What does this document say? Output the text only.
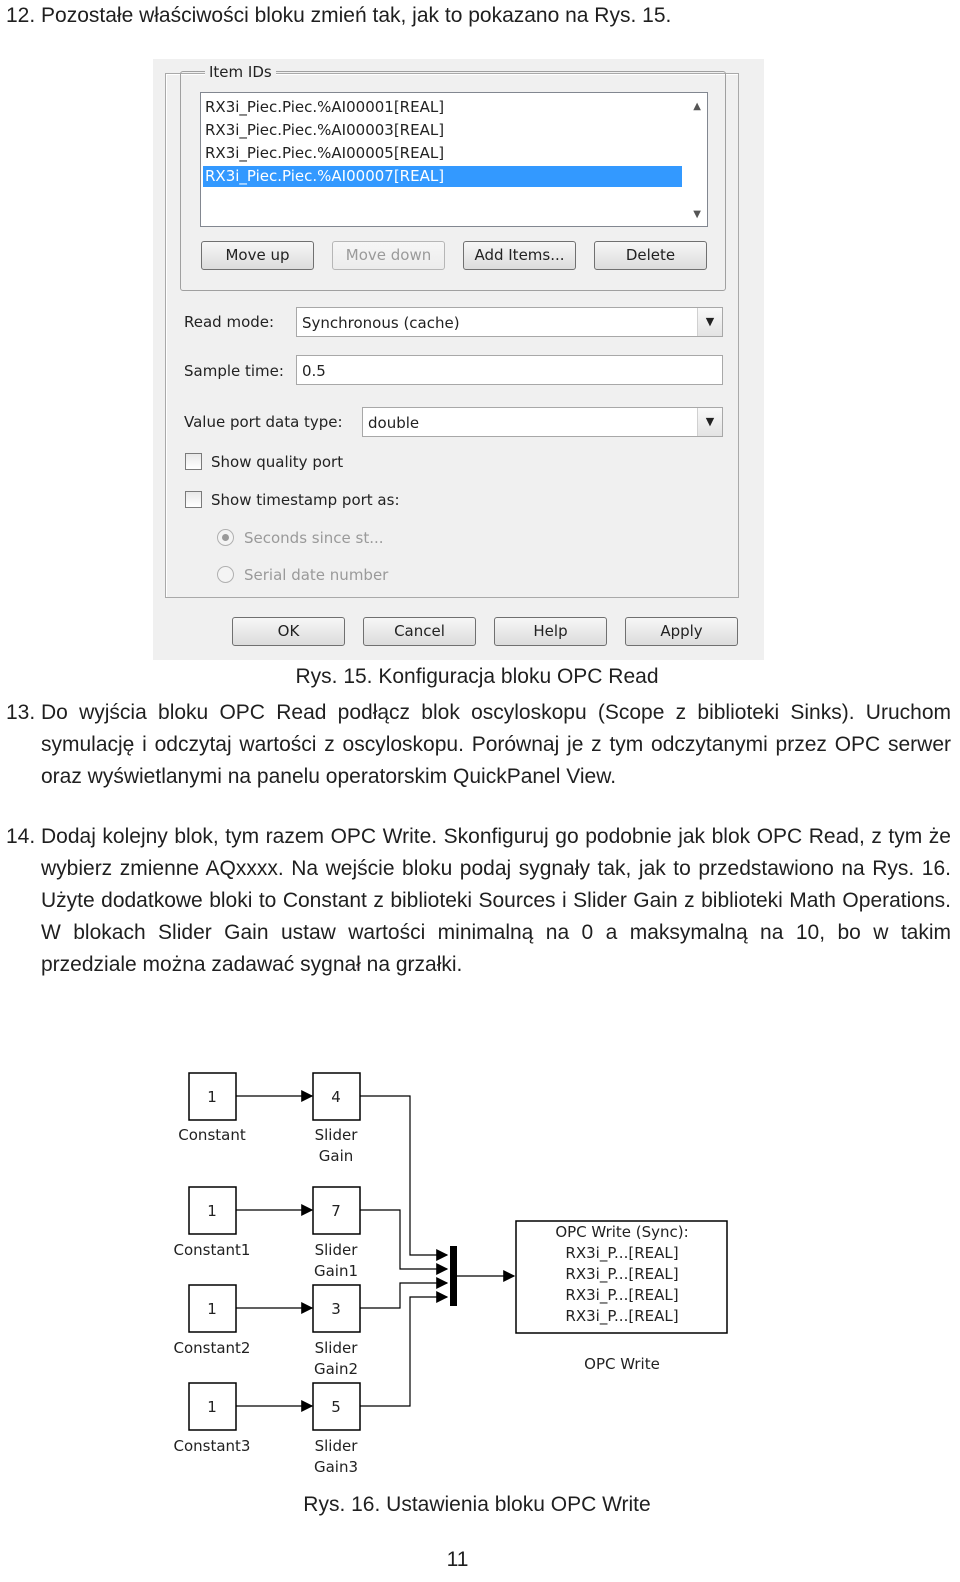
12. Pozostałe właściwości bloku zmień tak, jak to pokazano na Rys. 15.
Item IDs
RX3i_Piec.Piec.%AI00001[REAL]
RX3i_Piec.Piec.%AI00003[REAL]
RX3i_Piec.Piec.%AI00005[REAL]
RX3i_Piec.Piec.%AI00007[REAL]
▲
▼
Move up	Move down	Add Items...	Delete
Read mode:	Synchronous (cache)	▼
Sample time:	0.5
Value port data type:	double	▼
Show quality port
Show timestamp port as:
Seconds since st...
Serial date number
OK	Cancel	Help	Apply
Rys. 15. Konfiguracja bloku OPC Read
13. Do wyjścia bloku OPC Read podłącz blok oscyloskopu (Scope z biblioteki Sinks). Uruchom symulację i odczytaj wartości z oscyloskopu. Porównaj je z tym odczytanymi przez OPC serwer oraz wyświetlanymi na panelu operatorskim QuickPanel View.
14. Dodaj kolejny blok, tym razem OPC Write. Skonfiguruj go podobnie jak blok OPC Read, z tym że wybierz zmienne AQxxxx. Na wejście bloku podaj sygnały tak, jak to przedstawiono na Rys. 16. Użyte dodatkowe bloki to Constant z biblioteki Sources i Slider Gain z biblioteki Math Operations. W blokach Slider Gain ustaw wartości minimalną na 0 a maksymalną na 10, bo w takim przedziale można zadawać sygnał na grzałki.
1
Constant
4
Slider
Gain
1
Constant1
7
Slider
Gain1
1
Constant2
3
Slider
Gain2
1
Constant3
5
Slider
Gain3
OPC Write (Sync):
RX3i_P...[REAL]
RX3i_P...[REAL]
RX3i_P...[REAL]
RX3i_P...[REAL]
OPC Write
Rys. 16. Ustawienia bloku OPC Write
11
